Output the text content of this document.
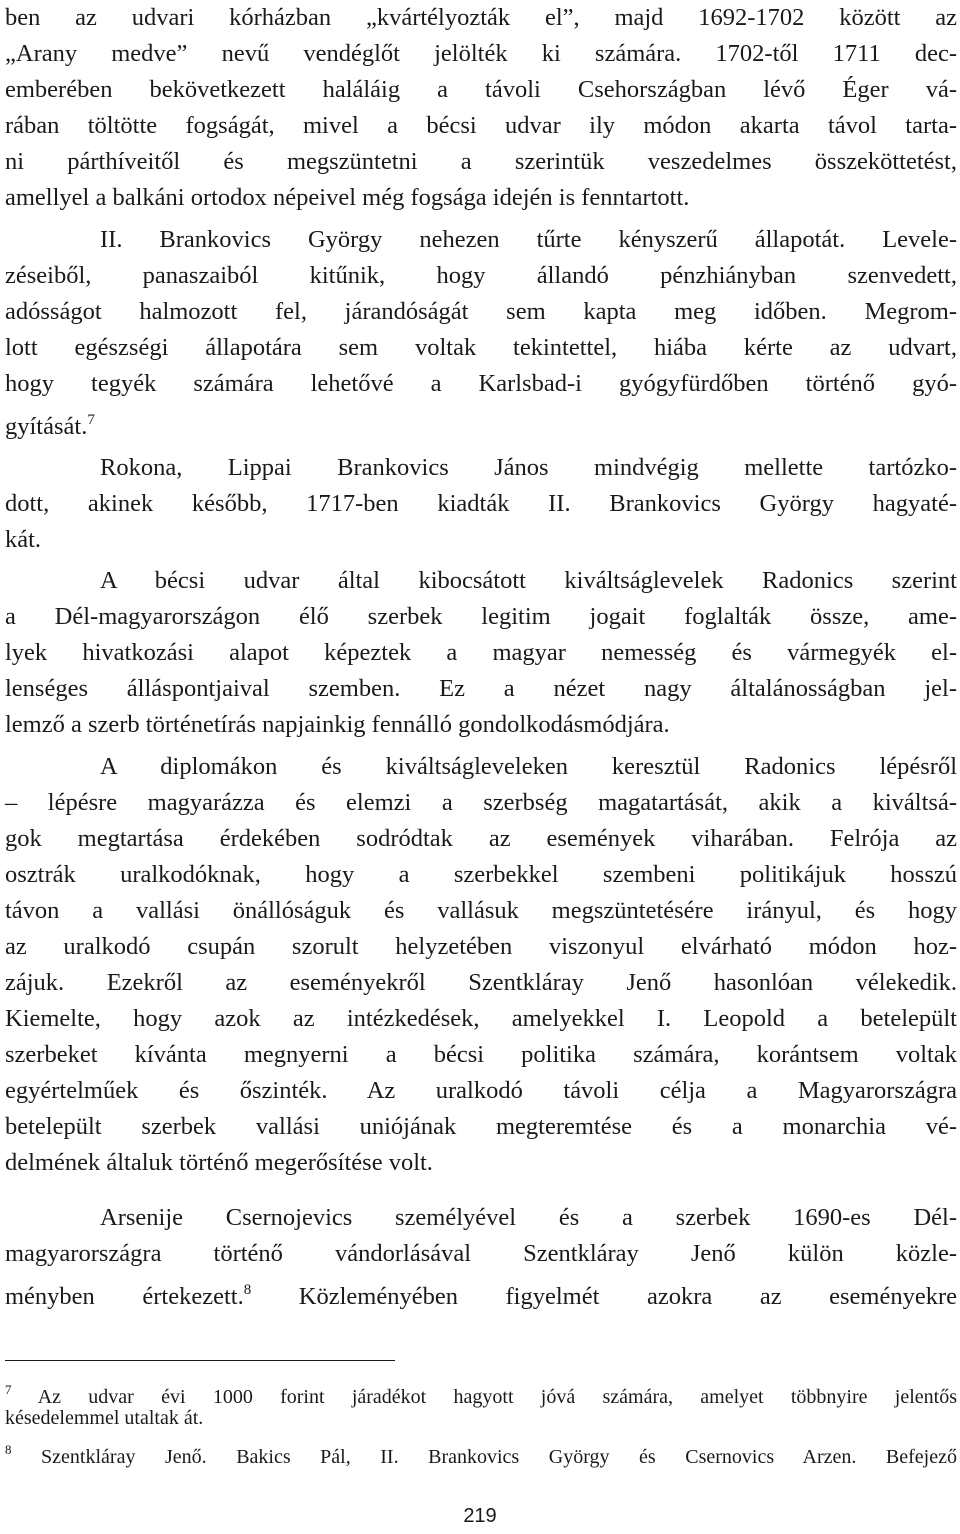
ben az udvari kórházban „kvártélyozták el”, majd 1692-1702 között az
„Arany medve” nevű vendéglőt jelölték ki számára. 1702-től 1711 dec-
emberében bekövetkezett haláláig a távoli Csehországban lévő Éger vá-
rában töltötte fogságát, mivel a bécsi udvar ily módon akarta távol tarta-
ni párthíveitől és megszüntetni a szerintük veszedelmes összeköttetést,
amellyel a balkáni ortodox népeivel még fogsága idején is fenntartott.
II. Brankovics György nehezen tűrte kényszerű állapotát. Levele-
zéseiből, panaszaiból kitűnik, hogy állandó pénzhiányban szenvedett,
adósságot halmozott fel, járandóságát sem kapta meg időben. Megrom-
lott egészségi állapotára sem voltak tekintettel, hiába kérte az udvart,
hogy tegyék számára lehetővé a Karlsbad-i gyógyfürdőben történő gyó-
gyítását.$^7$
Rokona, Lippai Brankovics János mindvégig mellette tartózko-
dott, akinek később, 1717-ben kiadták II. Brankovics György hagyaté-
kát.
A bécsi udvar által kibocsátott kiváltságlevelek Radonics szerint
a Dél-magyarországon élő szerbek legitim jogait foglalták össze, ame-
lyek hivatkozási alapot képeztek a magyar nemesség és vármegyék el-
lenséges álláspontjaival szemben. Ez a nézet nagy általánosságban jel-
lemző a szerb történetírás napjainkig fennálló gondolkodásmódjára.
A diplomákon és kiváltságleveleken keresztül Radonics lépésről
– lépésre magyarázza és elemzi a szerbség magatartását, akik a kiváltsá-
gok megtartása érdekében sodródtak az események viharában. Felrója az
osztrák uralkodóknak, hogy a szerbekkel szembeni politikájuk hosszú
távon a vallási önállóságuk és vallásuk megszüntetésére irányul, és hogy
az uralkodó csupán szorult helyzetében viszonyul elvárható módon hoz-
zájuk. Ezekről az eseményekről Szentkláray Jenő hasonlóan vélekedik.
Kiemelte, hogy azok az intézkedések, amelyekkel I. Leopold a betelepült
szerbeket kívánta megnyerni a bécsi politika számára, korántsem voltak
egyértelműek és őszinték. Az uralkodó távoli célja a Magyarországra
betelepült szerbek vallási uniójának megteremtése és a monarchia vé-
delmének általuk történő megerősítése volt.
Arsenije Csernojevics személyével és a szerbek 1690-es Dél-
magyarországra történő vándorlásával Szentkláray Jenő külön közle-
ményben értekezett.$^8$ Közleményében figyelmét azokra az eseményekre
$^7$ Az udvar évi 1000 forint járadékot hagyott jóvá számára, amelyet többnyire jelentős
késedelemmel utaltak át.
$^8$ Szentkláray Jenő. Bakics Pál, II. Brankovics György és Csernovics Arzen. Befejező
219
